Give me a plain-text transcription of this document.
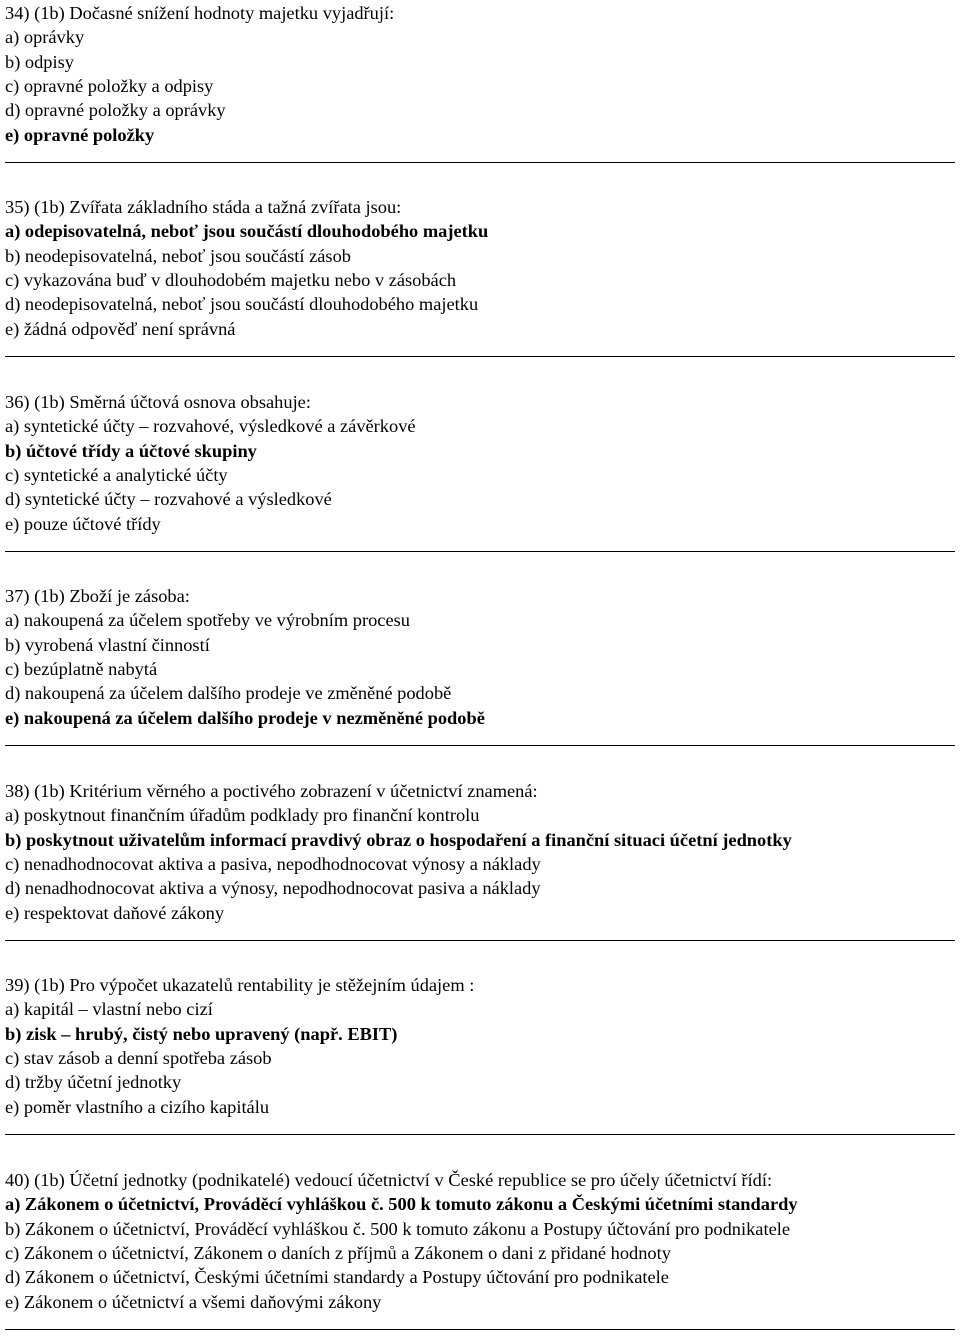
34) (1b) Dočasné snížení hodnoty majetku vyjadřují:
a) oprávky
b) odpisy
c) opravné položky a odpisy
d) opravné položky a oprávky
e) opravné položky
35) (1b) Zvířata základního stáda a tažná zvířata jsou:
a) odepisovatelná, neboť jsou součástí dlouhodobého majetku
b) neodepisovatelná, neboť jsou součástí zásob
c) vykazována buď v dlouhodobém majetku nebo v zásobách
d) neodepisovatelná, neboť jsou součástí dlouhodobého majetku
e) žádná odpověď není správná
36) (1b) Směrná účtová osnova obsahuje:
a) syntetické účty – rozvahové, výsledkové a závěrkové
b) účtové třídy a účtové skupiny
c) syntetické a analytické účty
d) syntetické účty – rozvahové a výsledkové
e) pouze účtové třídy
37) (1b) Zboží je zásoba:
a) nakoupená za účelem spotřeby ve výrobním procesu
b) vyrobená vlastní činností
c) bezúplatně nabytá
d) nakoupená za účelem dalšího prodeje ve změněné podobě
e) nakoupená za účelem dalšího prodeje v nezměněné podobě
38) (1b) Kritérium věrného a poctivého zobrazení v účetnictví znamená:
a) poskytnout finančním úřadům podklady pro finanční kontrolu
b) poskytnout uživatelům informací pravdivý obraz o hospodaření a finanční situaci účetní jednotky
c) nenadhodnocovat aktiva a pasiva, nepodhodnocovat výnosy a náklady
d) nenadhodnocovat aktiva a výnosy, nepodhodnocovat pasiva a náklady
e) respektovat daňové zákony
39) (1b) Pro výpočet ukazatelů rentability je stěžejním údajem :
a) kapitál – vlastní nebo cizí
b) zisk – hrubý, čistý nebo upravený (např. EBIT)
c) stav zásob a denní spotřeba zásob
d) tržby účetní jednotky
e) poměr vlastního a cizího kapitálu
40) (1b) Účetní jednotky (podnikatelé) vedoucí účetnictví v České republice se pro účely účetnictví řídí:
a) Zákonem o účetnictví, Prováděcí vyhláškou č. 500 k tomuto zákonu a Českými účetními standardy
b) Zákonem o účetnictví, Prováděcí vyhláškou č. 500 k tomuto zákonu a Postupy účtování pro podnikatele
c) Zákonem o účetnictví, Zákonem o daních z příjmů a Zákonem o dani z přidané hodnoty
d) Zákonem o účetnictví, Českými účetními standardy a Postupy účtování pro podnikatele
e) Zákonem o účetnictví a všemi daňovými zákony
